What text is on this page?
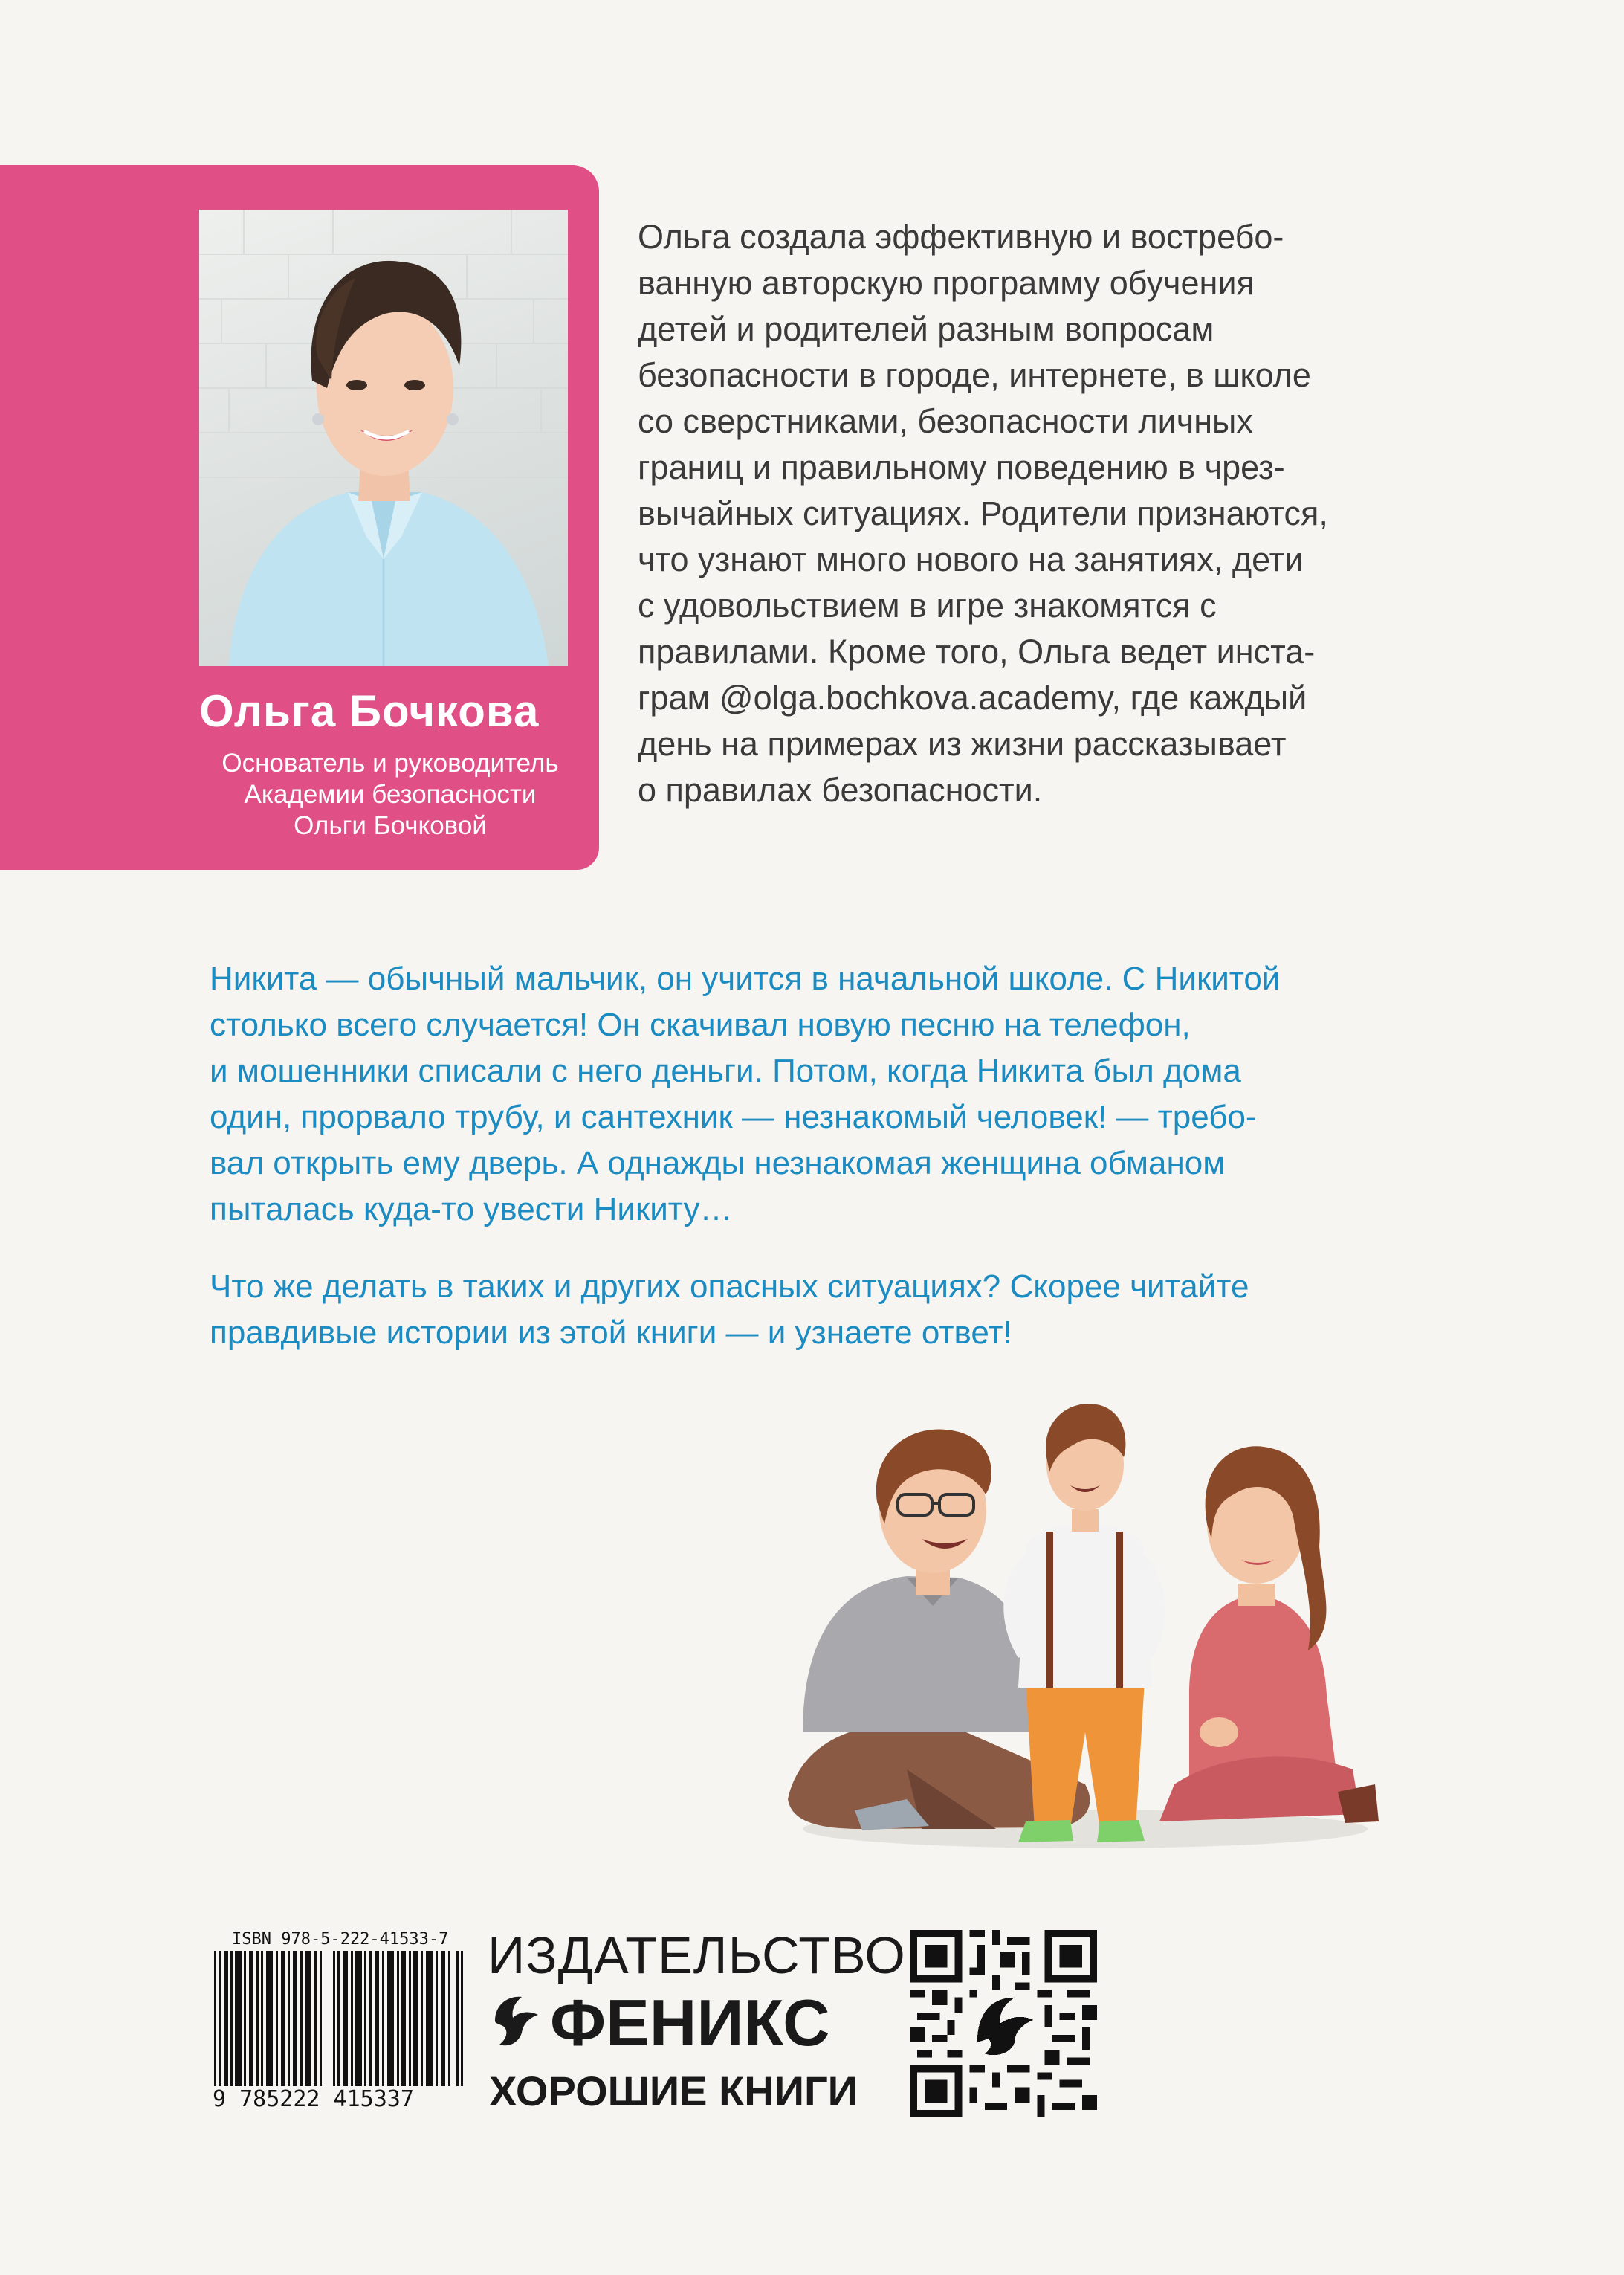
Ольга Бочкова
Основатель и руководитель
Академии безопасности
Ольги Бочковой
Ольга создала эффективную и востребо-
ванную авторскую программу обучения
детей и родителей разным вопросам
безопасности в городе, интернете, в школе
со сверстниками, безопасности личных
границ и правильному поведению в чрез-
вычайных ситуациях. Родители признаются,
что узнают много нового на занятиях, дети
с удовольствием в игре знакомятся с
правилами. Кроме того, Ольга ведет инста-
грам @olga.bochkova.academy, где каждый
день на примерах из жизни рассказывает
о правилах безопасности.

Никита — обычный мальчик, он учится в начальной школе. С Никитой
столько всего случается! Он скачивал новую песню на телефон,
и мошенники списали с него деньги. Потом, когда Никита был дома
один, прорвало трубу, и сантехник — незнакомый человек! — требо-
вал открыть ему дверь. А однажды незнакомая женщина обманом
пыталась куда-то увести Никиту…

Что же делать в таких и других опасных ситуациях? Скорее читайте
правдивые истории из этой книги — и узнаете ответ!

ISBN 978-5-222-41533-7
9 785222 415337
ИЗДАТЕЛЬСТВО
ФЕНИКС
ХОРОШИЕ КНИГИ
